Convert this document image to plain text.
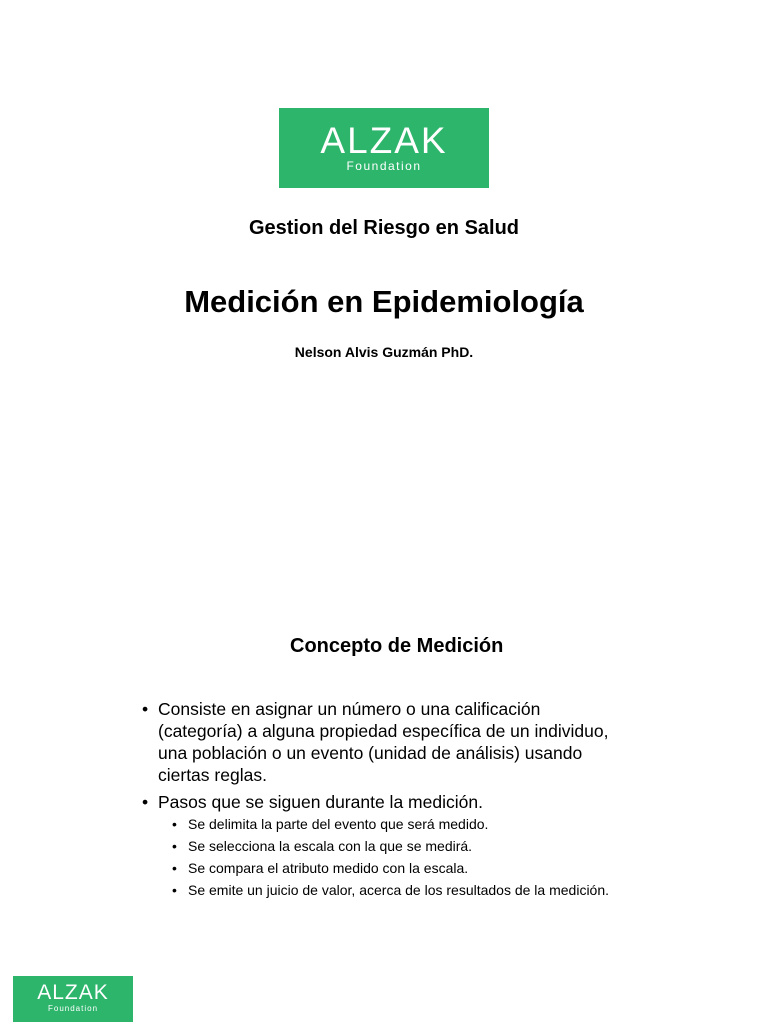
ALZAK
Foundation
Gestion del Riesgo en Salud
Medición en Epidemiología
Nelson Alvis Guzmán PhD.
Concepto de Medición
• Consiste en asignar un número o una calificación (categoría) a alguna propiedad específica de un individuo, una población o un evento (unidad de análisis) usando ciertas reglas.
• Pasos que se siguen durante la medición.
• Se delimita la parte del evento que será medido.
• Se selecciona la escala con la que se medirá.
• Se compara el atributo medido con la escala.
• Se emite un juicio de valor, acerca de los resultados de la medición.
ALZAK
Foundation
